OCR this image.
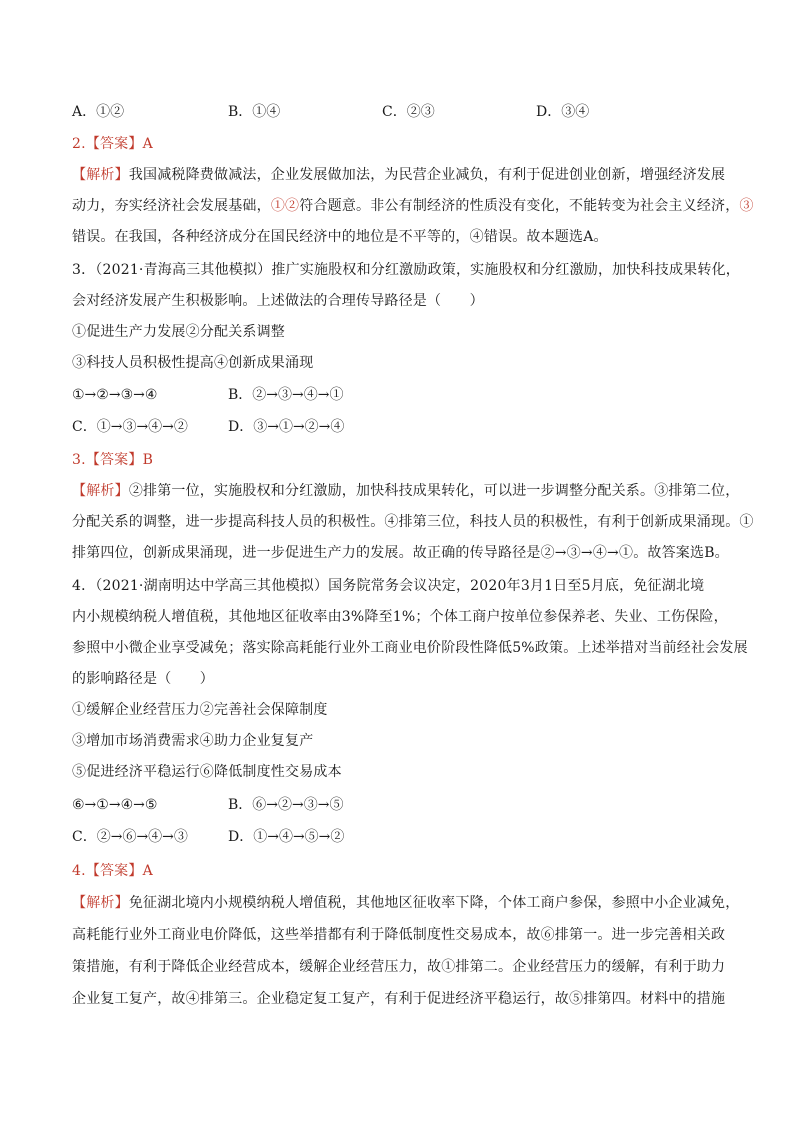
A．①②	B．①④	C．②③	D．③④
2.【答案】A
【解析】我国减税降费做减法，企业发展做加法，为民营企业减负，有利于促进创业创新，增强经济发展
动力，夯实经济社会发展基础，①②符合题意。非公有制经济的性质没有变化，不能转变为社会主义经济，③
错误。在我国，各种经济成分在国民经济中的地位是不平等的，④错误。故本题选A。
3．（2021·青海高三其他模拟）推广实施股权和分红激励政策，实施股权和分红激励，加快科技成果转化，
会对经济发展产生积极影响。上述做法的合理传导路径是（　　）
①促进生产力发展②分配关系调整
③科技人员积极性提高④创新成果涌现
①→②→③→④	B．②→③→④→①
C．①→③→④→②	D．③→①→②→④
3.【答案】B
【解析】②排第一位，实施股权和分红激励，加快科技成果转化，可以进一步调整分配关系。③排第二位，
分配关系的调整，进一步提高科技人员的积极性。④排第三位，科技人员的积极性，有利于创新成果涌现。①
排第四位，创新成果涌现，进一步促进生产力的发展。故正确的传导路径是②→③→④→①。故答案选B。
4．（2021·湖南明达中学高三其他模拟）国务院常务会议决定，2020年3月1日至5月底，免征湖北境
内小规模纳税人增值税，其他地区征收率由3%降至1%；个体工商户按单位参保养老、失业、工伤保险，
参照中小微企业享受减免；落实除高耗能行业外工商业电价阶段性降低5%政策。上述举措对当前经社会发展
的影响路径是（　　）
①缓解企业经营压力②完善社会保障制度
③增加市场消费需求④助力企业复复产
⑤促进经济平稳运行⑥降低制度性交易成本
⑥→①→④→⑤	B．⑥→②→③→⑤
C．②→⑥→④→③	D．①→④→⑤→②
4.【答案】A
【解析】免征湖北境内小规模纳税人增值税，其他地区征收率下降，个体工商户参保，参照中小企业减免，
高耗能行业外工商业电价降低，这些举措都有利于降低制度性交易成本，故⑥排第一。进一步完善相关政
策措施，有利于降低企业经营成本，缓解企业经营压力，故①排第二。企业经营压力的缓解，有利于助力
企业复工复产，故④排第三。企业稳定复工复产，有利于促进经济平稳运行，故⑤排第四。材料中的措施
